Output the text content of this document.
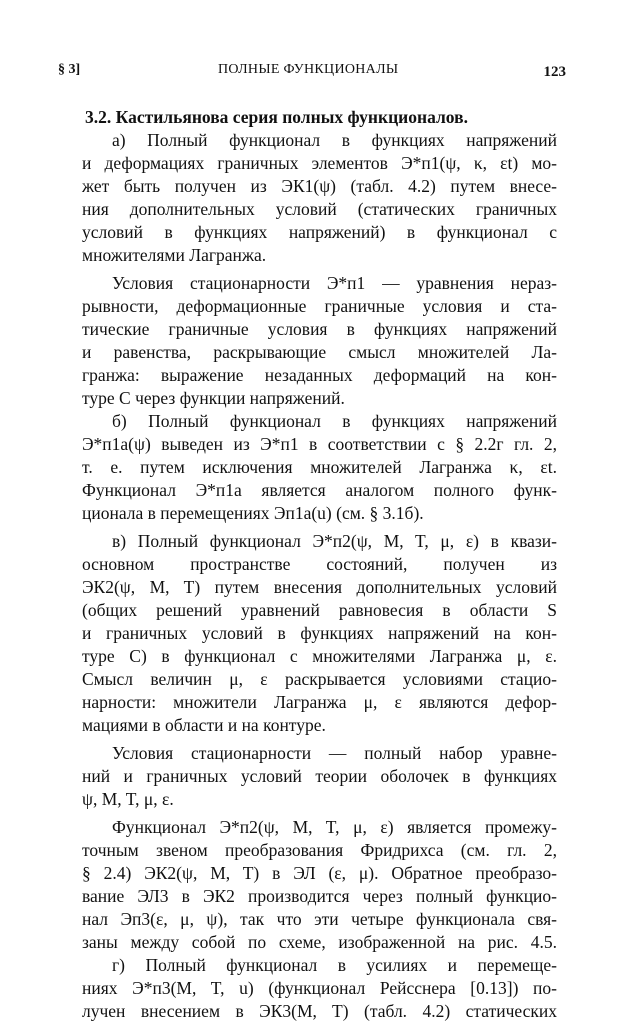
§ 3]	ПОЛНЫЕ ФУНКЦИОНАЛЫ	123
3.2. Кастильянова серия полных функционалов.
а) Полный функционал в функциях напряжений
и деформациях граничных элементов Э*п1(ψ, κ, εt) мо-
жет быть получен из ЭК1(ψ) (табл. 4.2) путем внесе-
ния дополнительных условий (статических граничных
условий в функциях напряжений) в функционал с
множителями Лагранжа.
Условия стационарности Э*п1 — уравнения нераз-
рывности, деформационные граничные условия и ста-
тические граничные условия в функциях напряжений
и равенства, раскрывающие смысл множителей Ла-
гранжа: выражение незаданных деформаций на кон-
туре C через функции напряжений.
б) Полный функционал в функциях напряжений
Э*п1а(ψ) выведен из Э*п1 в соответствии с § 2.2г гл. 2,
т. е. путем исключения множителей Лагранжа κ, εt.
Функционал Э*п1а является аналогом полного функ-
ционала в перемещениях Эп1а(u) (см. § 3.1б).
в) Полный функционал Э*п2(ψ, M, T, μ, ε) в квази-
основном пространстве состояний, получен из
ЭК2(ψ, M, T) путем внесения дополнительных условий
(общих решений уравнений равновесия в области S
и граничных условий в функциях напряжений на кон-
туре C) в функционал с множителями Лагранжа μ, ε.
Смысл величин μ, ε раскрывается условиями стацио-
нарности: множители Лагранжа μ, ε являются дефор-
мациями в области и на контуре.
Условия стационарности — полный набор уравне-
ний и граничных условий теории оболочек в функциях
ψ, M, T, μ, ε.
Функционал Э*п2(ψ, M, T, μ, ε) является промежу-
точным звеном преобразования Фридрихса (см. гл. 2,
§ 2.4) ЭК2(ψ, M, T) в ЭЛ (ε, μ). Обратное преобразо-
вание ЭЛ3 в ЭК2 производится через полный функцио-
нал Эп3(ε, μ, ψ), так что эти четыре функционала свя-
заны между собой по схеме, изображенной на рис. 4.5.
г) Полный функционал в усилиях и перемеще-
ниях Э*п3(M, T, u) (функционал Рейсснера [0.13]) по-
лучен внесением в ЭК3(M, T) (табл. 4.2) статических
